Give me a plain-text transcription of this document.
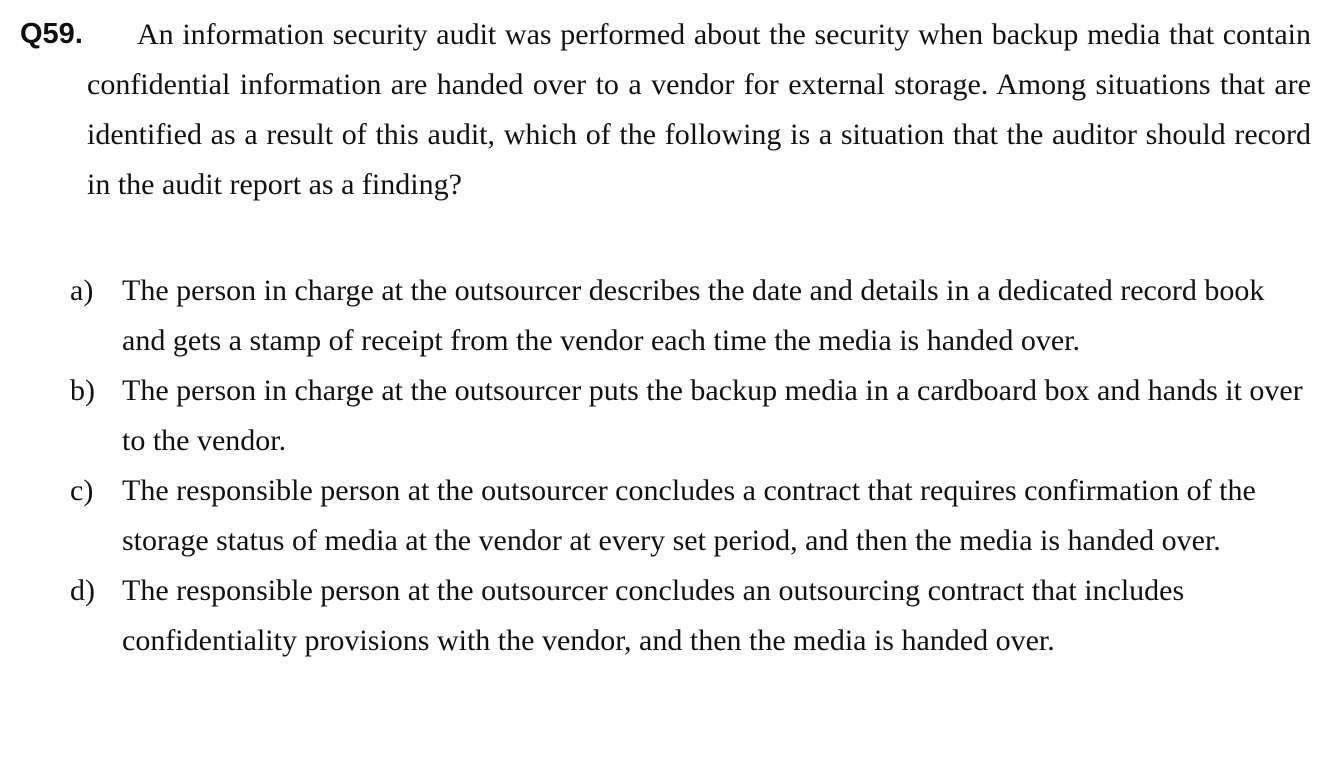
Q59.	An information security audit was performed about the security when backup media that contain confidential information are handed over to a vendor for external storage. Among situations that are identified as a result of this audit, which of the following is a situation that the auditor should record in the audit report as a finding?

a) The person in charge at the outsourcer describes the date and details in a dedicated record book and gets a stamp of receipt from the vendor each time the media is handed over.
b) The person in charge at the outsourcer puts the backup media in a cardboard box and hands it over to the vendor.
c) The responsible person at the outsourcer concludes a contract that requires confirmation of the storage status of media at the vendor at every set period, and then the media is handed over.
d) The responsible person at the outsourcer concludes an outsourcing contract that includes confidentiality provisions with the vendor, and then the media is handed over.
